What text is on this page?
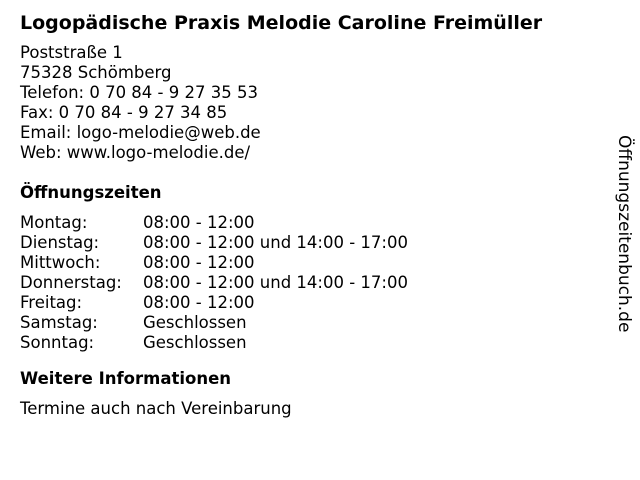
Logopädische Praxis Melodie Caroline Freimüller
Poststraße 1
75328 Schömberg
Telefon: 0 70 84 - 9 27 35 53
Fax: 0 70 84 - 9 27 34 85
Email: logo-melodie@web.de
Web: www.logo-melodie.de/
Öffnungszeiten
Montag:	08:00 - 12:00
Dienstag:	08:00 - 12:00 und 14:00 - 17:00
Mittwoch:	08:00 - 12:00
Donnerstag:	08:00 - 12:00 und 14:00 - 17:00
Freitag:	08:00 - 12:00
Samstag:	Geschlossen
Sonntag:	Geschlossen
Weitere Informationen
Termine auch nach Vereinbarung
Öffnungszeitenbuch.de
